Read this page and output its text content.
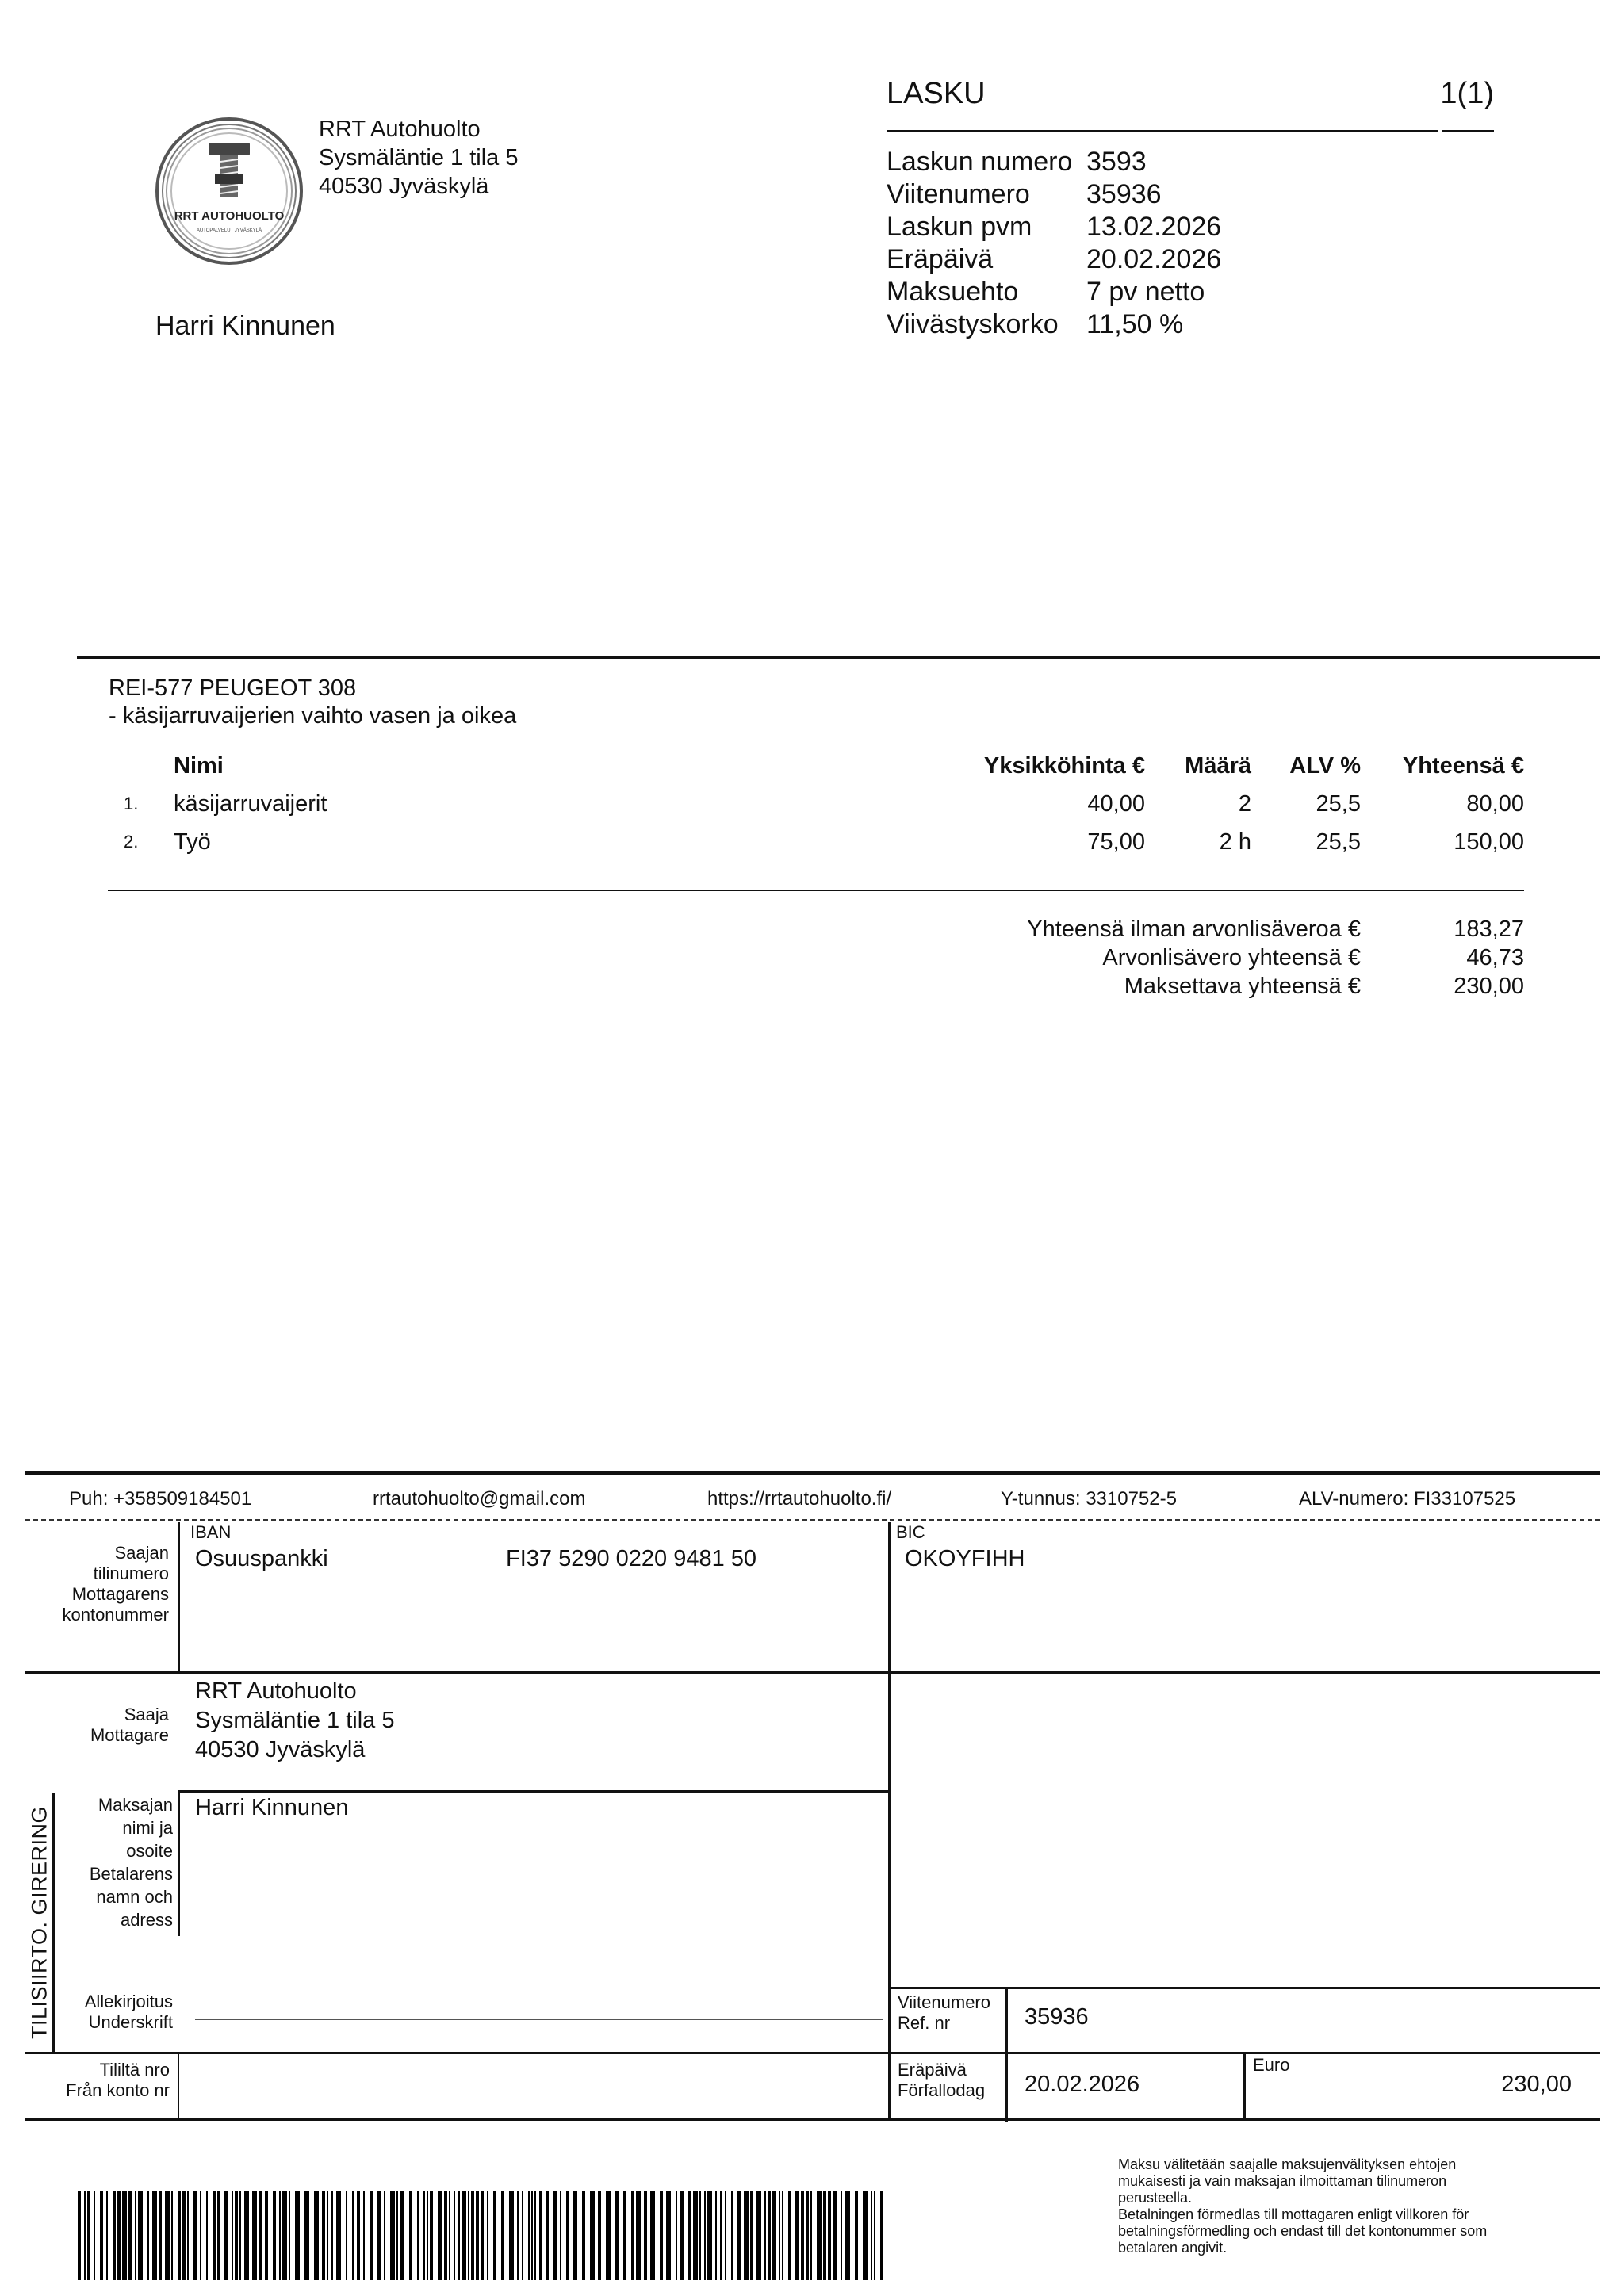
RRT AUTOHUOLTO
AUTOPALVELUT JYVÄSKYLÄ
RRT Autohuolto
Sysmäläntie 1 tila 5
40530 Jyväskylä
Harri Kinnunen
LASKU	1(1)
Laskun numero 3593
Viitenumero	35936
Laskun pvm	13.02.2026
Eräpäivä	20.02.2026
Maksuehto	7 pv netto
Viivästyskorko	11,50 %
REI-577 PEUGEOT 308
- käsijarruvaijerien vaihto vasen ja oikea
Nimi	Yksikköhinta €	Määrä	ALV %	Yhteensä €
1. käsijarruvaijerit	40,00	2	25,5	80,00
2. Työ	75,00	2 h	25,5	150,00
Yhteensä ilman arvonlisäveroa €	183,27
Arvonlisävero yhteensä €	46,73
Maksettava yhteensä €	230,00
Puh: +358509184501	rrtautohuolto@gmail.com	https://rrtautohuolto.fi/	Y-tunnus: 3310752-5	ALV-numero: FI33107525
Saajan
tilinumero
Mottagarens
kontonummer
IBAN
Osuuspankki	FI37 5290 0220 9481 50
BIC
OKOYFIHH
Saaja
Mottagare
RRT Autohuolto
Sysmäläntie 1 tila 5
40530 Jyväskylä
TILISIIRTO. GIRERING
Maksajan
nimi ja
osoite
Betalarens
namn och
adress
Harri Kinnunen
Allekirjoitus
Underskrift
Viitenumero
Ref. nr	35936
Tililtä nro
Från konto nr
Eräpäivä
Förfallodag 20.02.2026
Euro
230,00
Maksu välitetään saajalle maksujenvälityksen ehtojen
mukaisesti ja vain maksajan ilmoittaman tilinumeron
perusteella.
Betalningen förmedlas till mottagaren enligt villkoren för
betalningsförmedling och endast till det kontonummer som
betalaren angivit.
